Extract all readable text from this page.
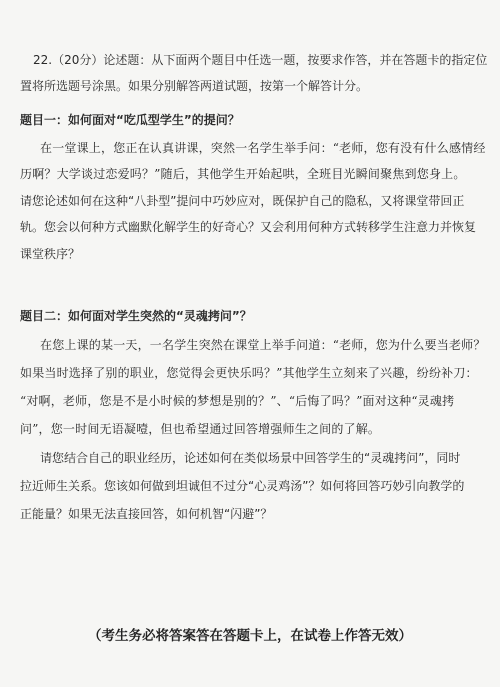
22.（20分）论述题：从下面两个题目中任选一题，按要求作答，并在答题卡的指定位
置将所选题号涂黑。如果分别解答两道试题，按第一个解答计分。
题目一：如何面对“吃瓜型学生”的提问？
在一堂课上，您正在认真讲课，突然一名学生举手问：“老师，您有没有什么感情经
历啊？大学谈过恋爱吗？”随后，其他学生开始起哄，全班目光瞬间聚焦到您身上。
请您论述如何在这种“八卦型”提问中巧妙应对，既保护自己的隐私，又将课堂带回正
轨。您会以何种方式幽默化解学生的好奇心？又会利用何种方式转移学生注意力并恢复
课堂秩序？
题目二：如何面对学生突然的“灵魂拷问”？
在您上课的某一天，一名学生突然在课堂上举手问道：“老师，您为什么要当老师？
如果当时选择了别的职业，您觉得会更快乐吗？”其他学生立刻来了兴趣，纷纷补刀：
“对啊，老师，您是不是小时候的梦想是别的？”、“后悔了吗？”面对这种“灵魂拷
问”，您一时间无语凝噎，但也希望通过回答增强师生之间的了解。
请您结合自己的职业经历，论述如何在类似场景中回答学生的“灵魂拷问”，同时
拉近师生关系。您该如何做到坦诚但不过分“心灵鸡汤”？如何将回答巧妙引向教学的
正能量？如果无法直接回答，如何机智“闪避”？
（考生务必将答案答在答题卡上，在试卷上作答无效）
